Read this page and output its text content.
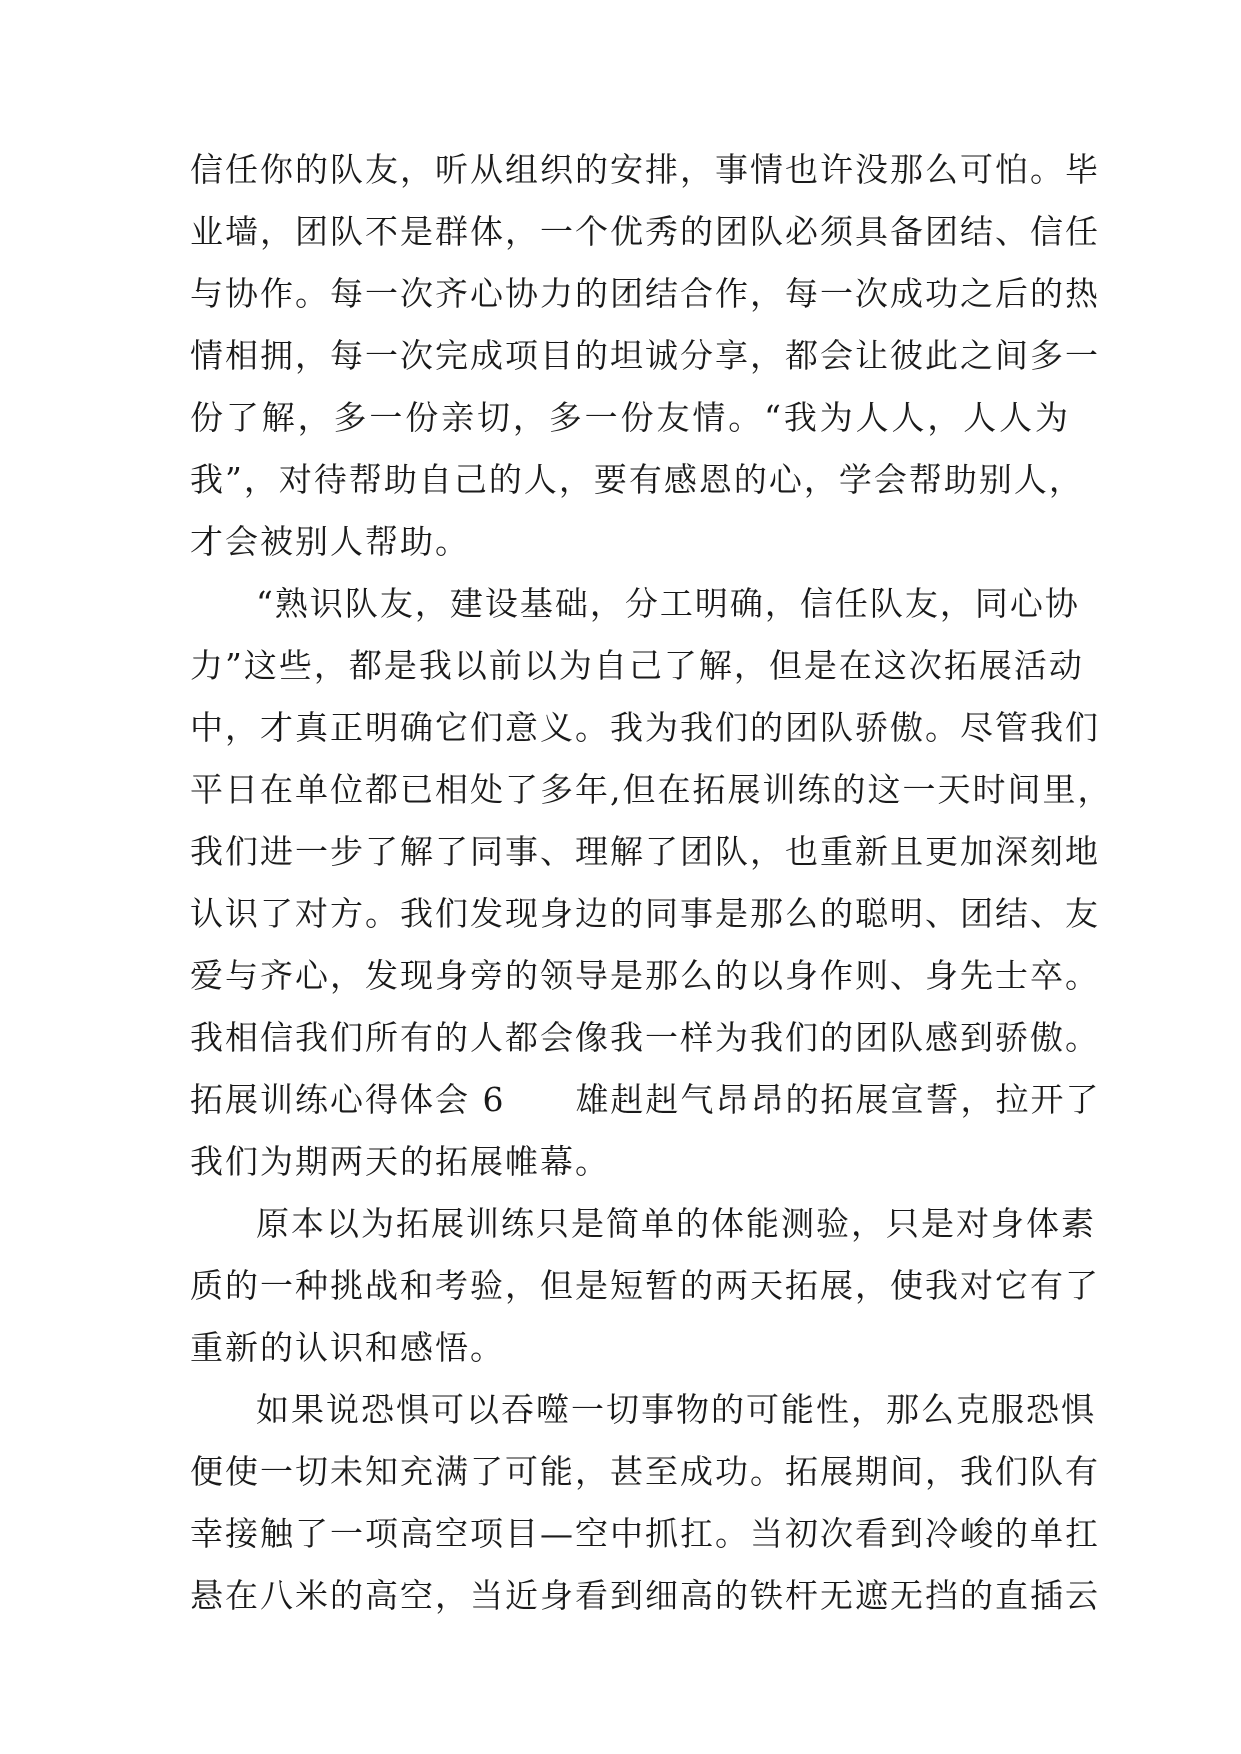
信任你的队友，听从组织的安排，事情也许没那么可怕。毕
业墙，团队不是群体，一个优秀的团队必须具备团结、信任
与协作。每一次齐心协力的团结合作，每一次成功之后的热
情相拥，每一次完成项目的坦诚分享，都会让彼此之间多一
份了解，多一份亲切，多一份友情。“我为人人，人人为
我”，对待帮助自己的人，要有感恩的心，学会帮助别人，
才会被别人帮助。
“熟识队友，建设基础，分工明确，信任队友，同心协
力”这些，都是我以前以为自己了解，但是在这次拓展活动
中，才真正明确它们意义。我为我们的团队骄傲。尽管我们
平日在单位都已相处了多年,但在拓展训练的这一天时间里，
我们进一步了解了同事、理解了团队，也重新且更加深刻地
认识了对方。我们发现身边的同事是那么的聪明、团结、友
爱与齐心，发现身旁的领导是那么的以身作则、身先士卒。
我相信我们所有的人都会像我一样为我们的团队感到骄傲。
拓展训练心得体会 6　　雄赳赳气昂昂的拓展宣誓，拉开了
我们为期两天的拓展帷幕。
原本以为拓展训练只是简单的体能测验，只是对身体素
质的一种挑战和考验，但是短暂的两天拓展，使我对它有了
重新的认识和感悟。
如果说恐惧可以吞噬一切事物的可能性，那么克服恐惧
便使一切未知充满了可能，甚至成功。拓展期间，我们队有
幸接触了一项高空项目—空中抓扛。当初次看到冷峻的单扛
悬在八米的高空，当近身看到细高的铁杆无遮无挡的直插云
